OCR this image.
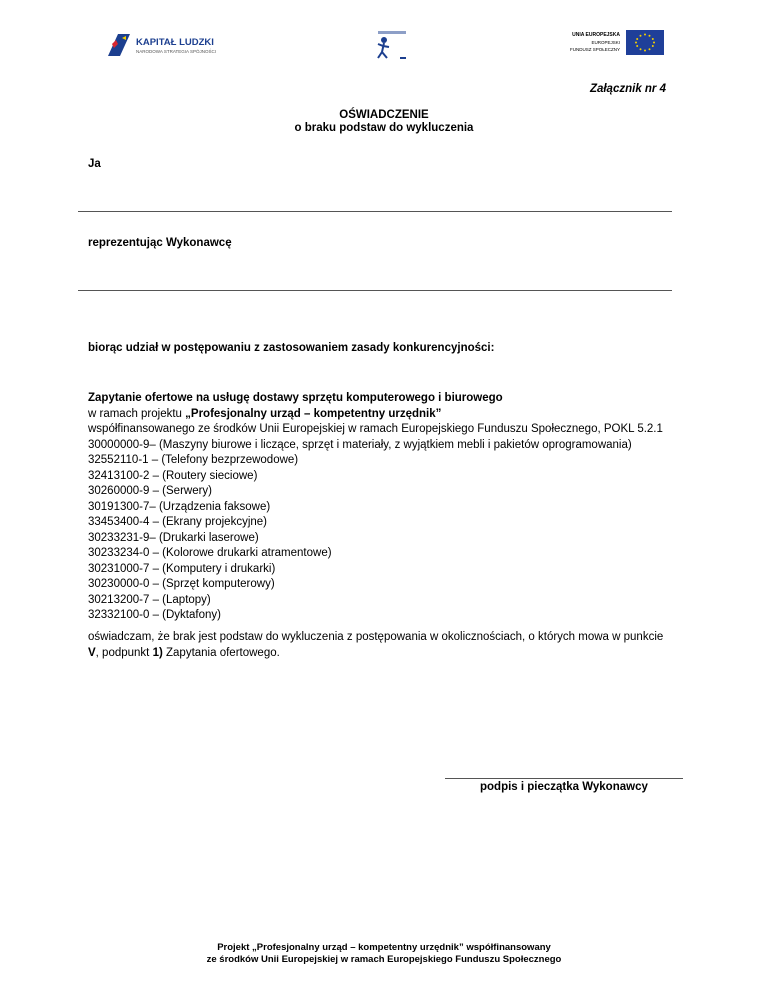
KAPITAŁ LUDZKI
NARODOWA STRATEGIA SPÓJNOŚCI
UNIA EUROPEJSKA
EUROPEJSKI
FUNDUSZ SPOŁECZNY
Załącznik nr 4
OŚWIADCZENIE
o braku podstaw do wykluczenia
Ja
reprezentując Wykonawcę
biorąc udział w postępowaniu z zastosowaniem zasady konkurencyjności:
Zapytanie ofertowe na usługę dostawy sprzętu komputerowego i biurowego
w ramach projektu „Profesjonalny urząd – kompetentny urzędnik”
współfinansowanego ze środków Unii Europejskiej w ramach Europejskiego Funduszu Społecznego, POKL 5.2.1
30000000-9– (Maszyny biurowe i liczące, sprzęt i materiały, z wyjątkiem mebli i pakietów oprogramowania)
32552110-1 – (Telefony bezprzewodowe)
32413100-2 – (Routery sieciowe)
30260000-9 – (Serwery)
30191300-7– (Urządzenia faksowe)
33453400-4 – (Ekrany projekcyjne)
30233231-9– (Drukarki laserowe)
30233234-0 – (Kolorowe drukarki atramentowe)
30231000-7 – (Komputery i drukarki)
30230000-0 – (Sprzęt komputerowy)
30213200-7 – (Laptopy)
32332100-0 – (Dyktafony)
oświadczam, że brak jest podstaw do wykluczenia z postępowania w okolicznościach, o których mowa w punkcie
V, podpunkt 1) Zapytania ofertowego.
podpis i pieczątka Wykonawcy
Projekt „Profesjonalny urząd – kompetentny urzędnik” współfinansowany
ze środków Unii Europejskiej w ramach Europejskiego Funduszu Społecznego
